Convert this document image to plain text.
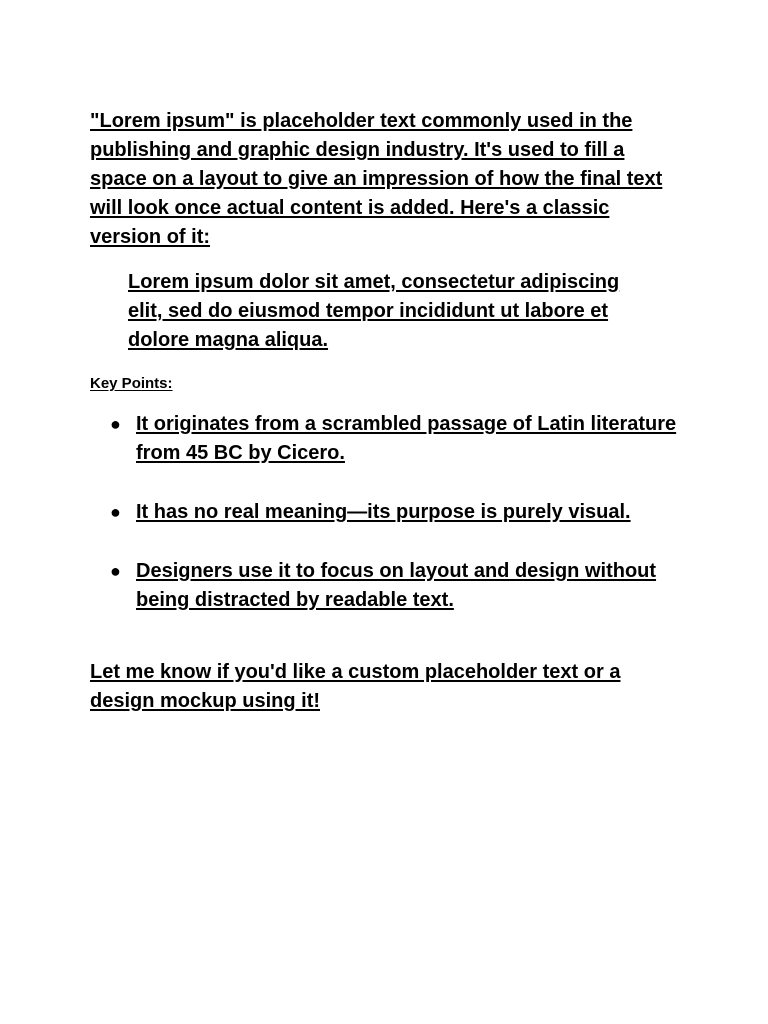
"Lorem ipsum" is placeholder text commonly used in the publishing and graphic design industry. It's used to fill a space on a layout to give an impression of how the final text will look once actual content is added. Here's a classic version of it:

Lorem ipsum dolor sit amet, consectetur adipiscing elit, sed do eiusmod tempor incididunt ut labore et dolore magna aliqua.

Key Points:

● It originates from a scrambled passage of Latin literature from 45 BC by Cicero.
● It has no real meaning—its purpose is purely visual.
● Designers use it to focus on layout and design without being distracted by readable text.

Let me know if you'd like a custom placeholder text or a design mockup using it!
